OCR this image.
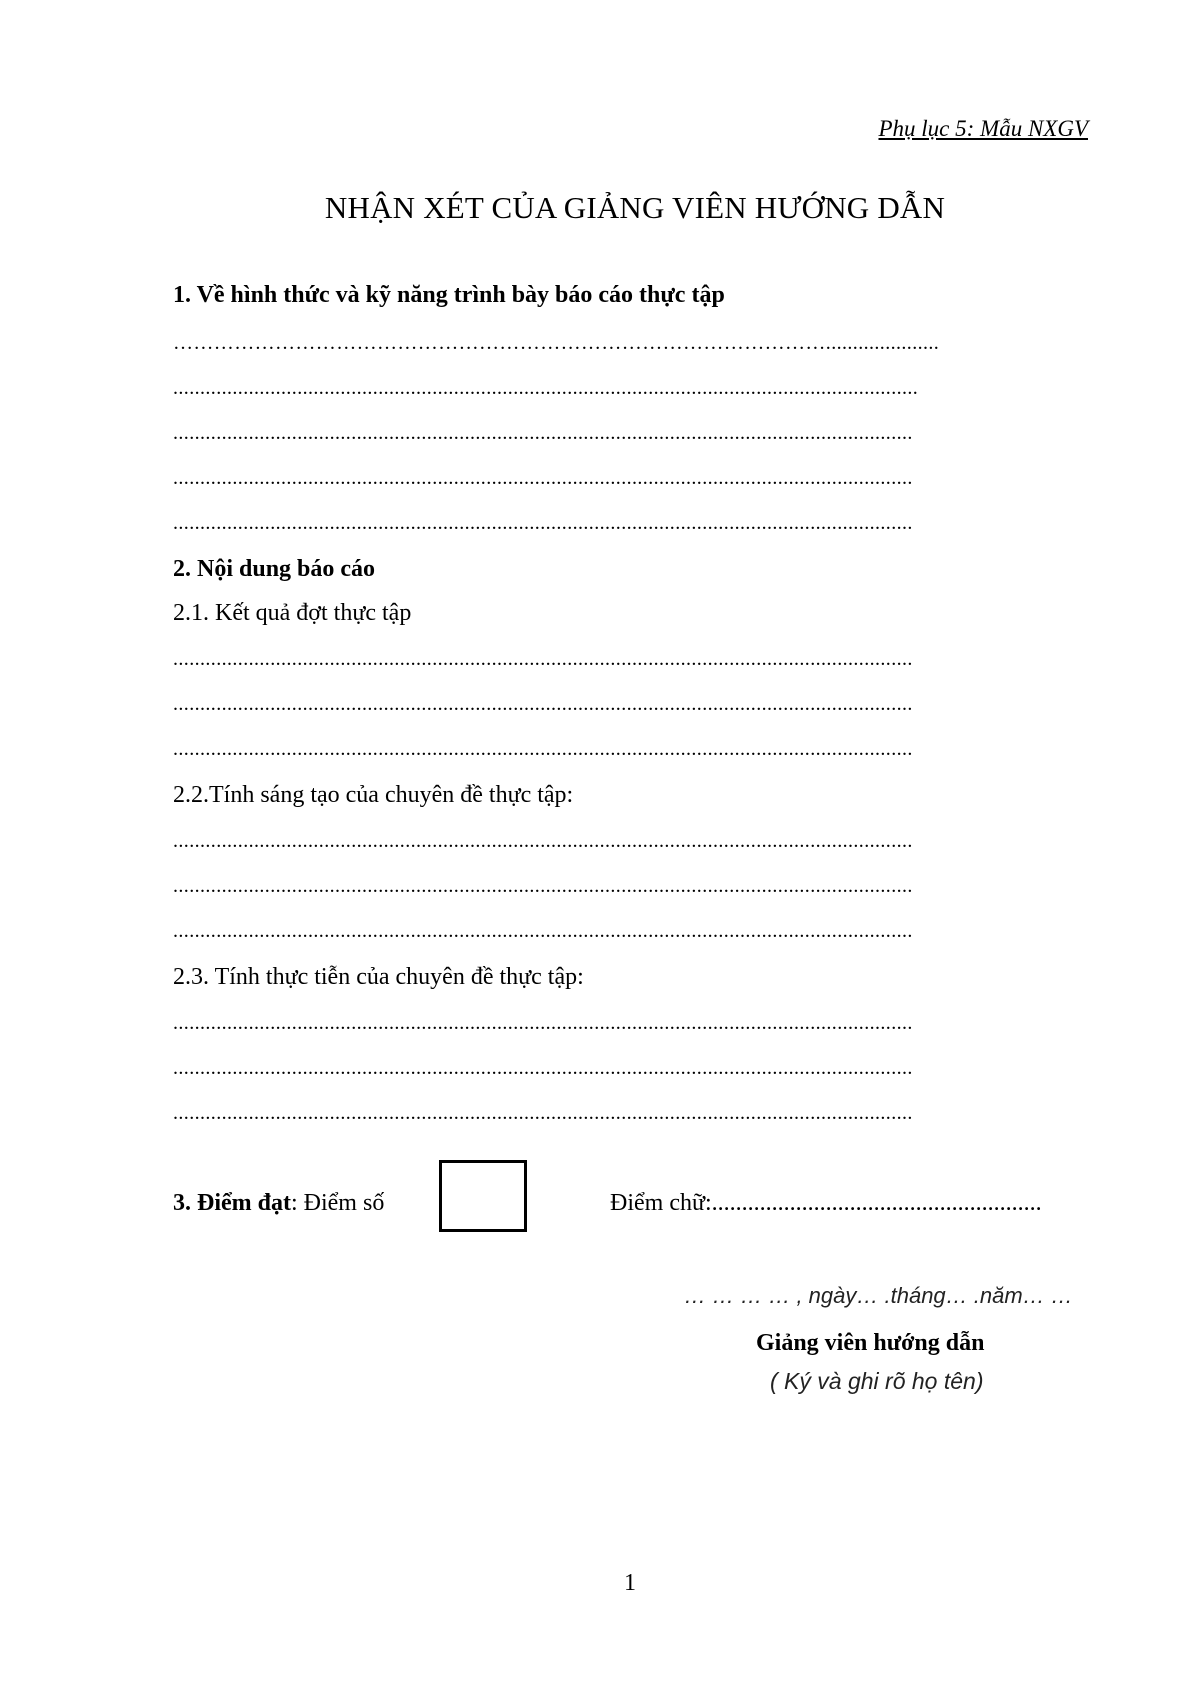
Phụ lục 5: Mẫu NXGV
NHẬN XÉT CỦA GIẢNG VIÊN HƯỚNG DẪN
1. Về hình thức và kỹ năng trình bày báo cáo thực tập
…………………………………………………………………………………….....................
..........................................................................................................................................
.........................................................................................................................................
.........................................................................................................................................
.........................................................................................................................................
2. Nội dung báo cáo
2.1. Kết quả đợt thực tập
.........................................................................................................................................
.........................................................................................................................................
.........................................................................................................................................
2.2.Tính sáng tạo của chuyên đề thực tập:
.........................................................................................................................................
.........................................................................................................................................
.........................................................................................................................................
2.3. Tính thực tiễn của chuyên đề thực tập:
.........................................................................................................................................
.........................................................................................................................................
.........................................................................................................................................
3. Điểm đạt: Điểm số	Điểm chữ:.......................................................
… … … … , ngày… .tháng… .năm… …
Giảng viên hướng dẫn
( Ký và ghi rõ họ tên)
1
